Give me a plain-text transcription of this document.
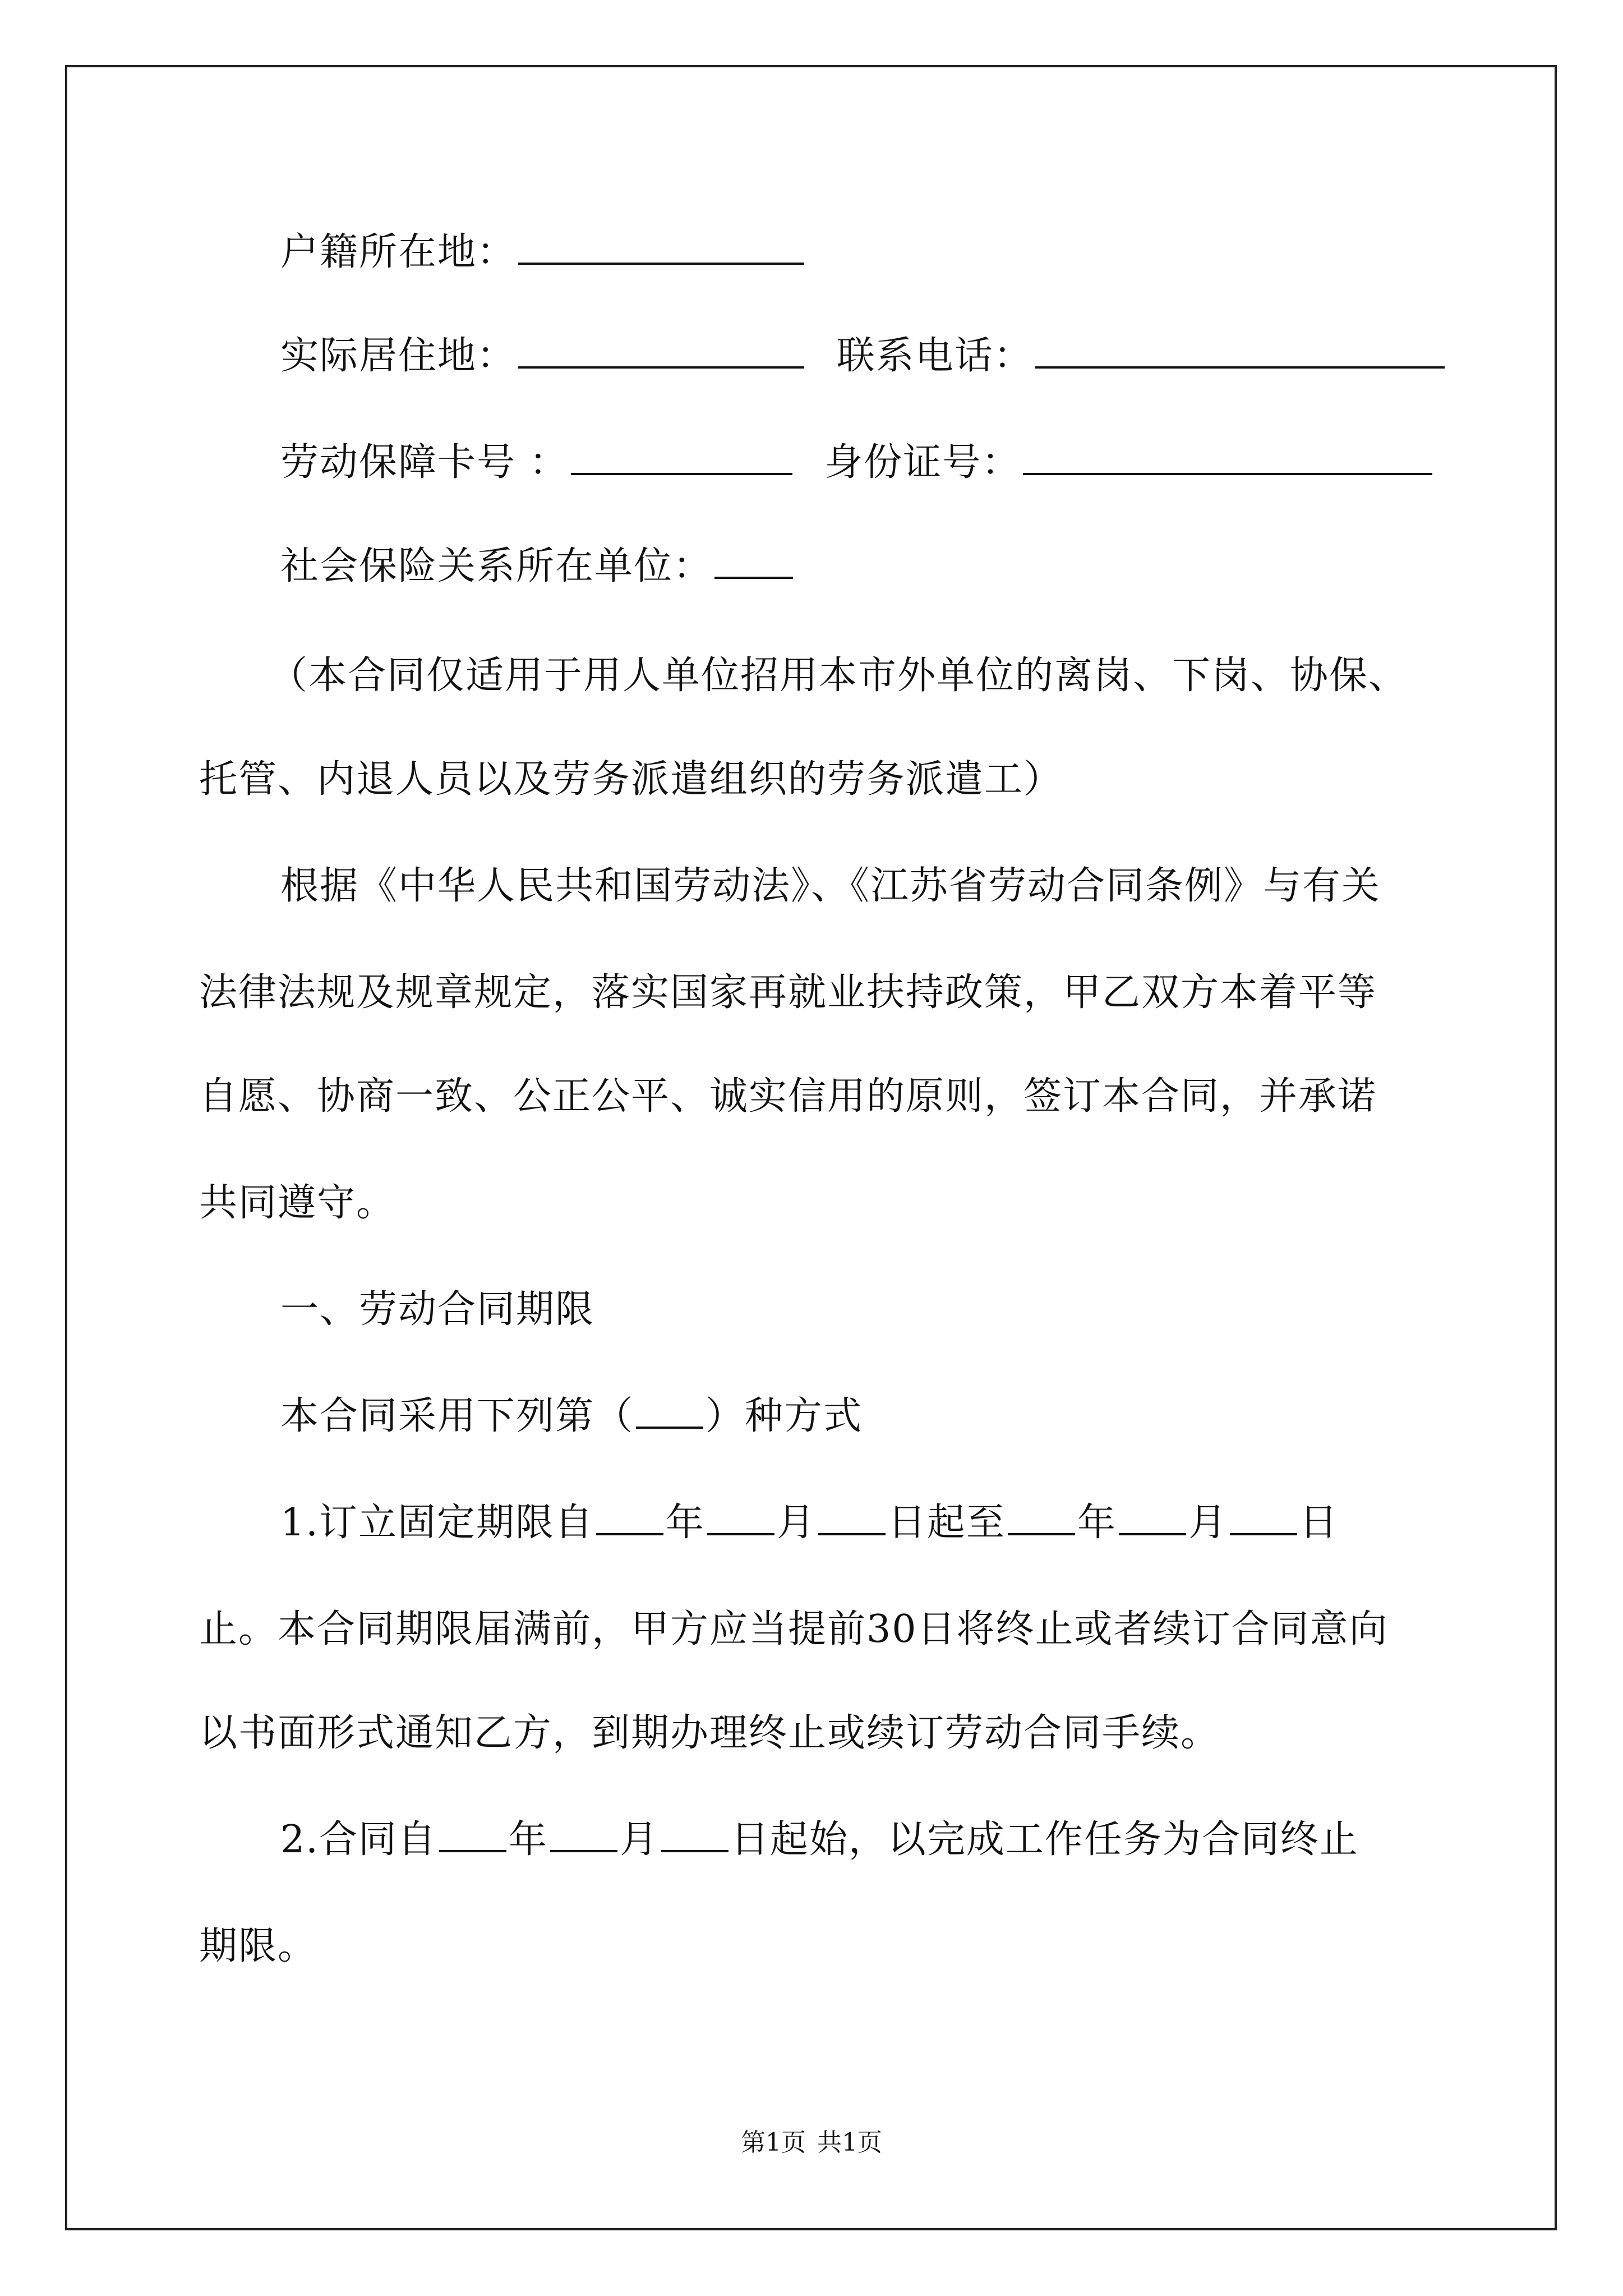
户籍所在地：
实际居住地：	联系电话：
劳动保障卡号 ：	身份证号：
社会保险关系所在单位：
（本合同仅适用于用人单位招用本市外单位的离岗、下岗、协保、
托管、内退人员以及劳务派遣组织的劳务派遣工）
根据《中华人民共和国劳动法》、《江苏省劳动合同条例》与有关
法律法规及规章规定，落实国家再就业扶持政策，甲乙双方本着平等
自愿、协商一致、公正公平、诚实信用的原则，签订本合同，并承诺
共同遵守。
一、劳动合同期限
本合同采用下列第（ ）种方式
1.订立固定期限自 年 月 日起至 年 月 日
止。本合同期限届满前，甲方应当提前30日将终止或者续订合同意向
以书面形式通知乙方，到期办理终止或续订劳动合同手续。
2.合同自 年 月 日起始，以完成工作任务为合同终止
期限。
第1页 共1页
